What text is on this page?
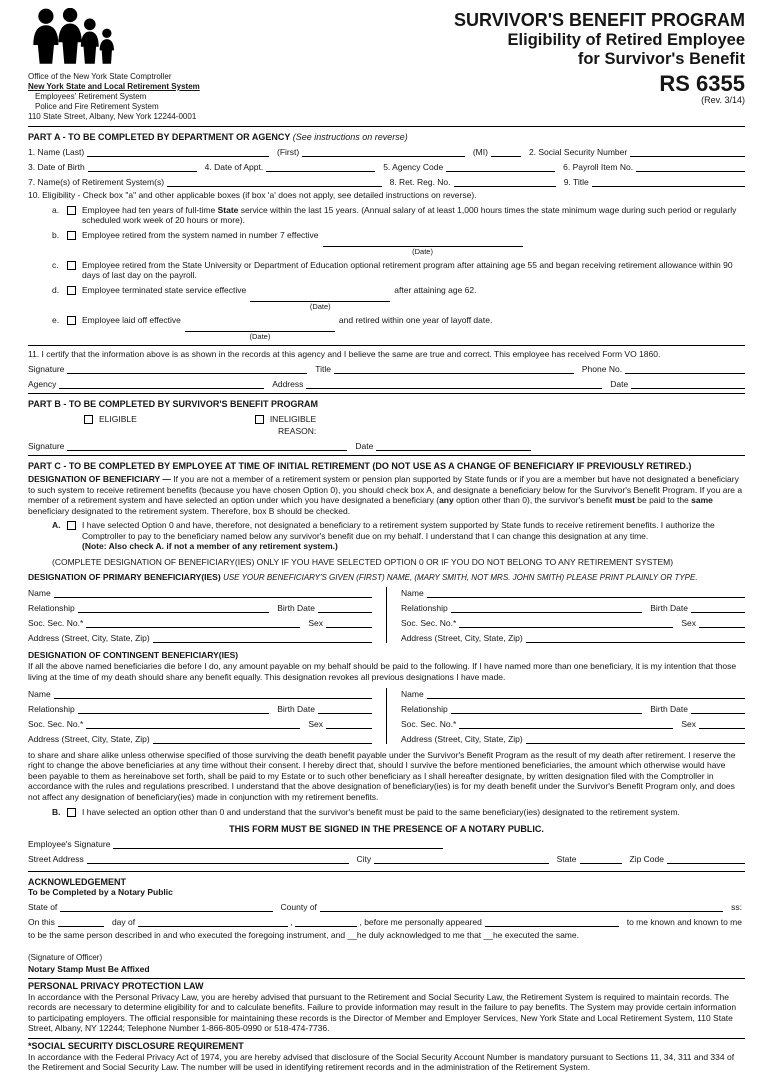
Office of the New York State Comptroller
New York State and Local Retirement System
Employees' Retirement System
Police and Fire Retirement System
110 State Street, Albany, New York 12244-0001
SURVIVOR'S BENEFIT PROGRAM
Eligibility of Retired Employee
for Survivor's Benefit
RS 6355
(Rev. 3/14)
PART A - TO BE COMPLETED BY DEPARTMENT OR AGENCY (See instructions on reverse)
1. Name (Last)	(First)	(MI)	2. Social Security Number
3. Date of Birth	4. Date of Appt.	5. Agency Code	6. Payroll Item No.
7. Name(s) of Retirement System(s)	8. Ret. Reg. No.	9. Title

10. Eligibility - Check box "a" and other applicable boxes (if box 'a' does not apply, see detailed instructions on reverse).

a.	Employee had ten years of full-time State service within the last 15 years. (Annual salary of at least 1,000 hours times the state minimum wage during such period or regularly scheduled work week of 20 hours or more).
b.	Employee retired from the system named in number 7 effective
(Date)
c.	Employee retired from the State University or Department of Education optional retirement program after attaining age 55 and began receiving retirement allowance within 90 days of last day on the payroll.
d.	Employee terminated state service effective
(Date)
after attaining age 62.
e.	Employee laid off effective
(Date)
and retired within one year of layoff date.

11. I certify that the information above is as shown in the records at this agency and I believe the same are true and correct. This employee has received Form VO 1860.

Signature	Title	Phone No.
Agency	Address	Date
PART B - TO BE COMPLETED BY SURVIVOR'S BENEFIT PROGRAM
ELIGIBLE	INELIGIBLE
REASON:
Signature	Date
PART C - TO BE COMPLETED BY EMPLOYEE AT TIME OF INITIAL RETIREMENT (DO NOT USE AS A CHANGE OF BENEFICIARY IF PREVIOUSLY RETIRED.)

DESIGNATION OF BENEFICIARY — If you are not a member of a retirement system or pension plan supported by State funds or if you are a member but have not designated a beneficiary to such system to receive retirement benefits (because you have chosen Option 0), you should check box A, and designate a beneficiary below for the Survivor's Benefit Program. If you are a member of a retirement system and have selected an option under which you have designated a beneficiary (any option other than 0), the survivor's benefit must be paid to the same beneficiary designated to the retirement system. Therefore, box B should be checked.

A.	I have selected Option 0 and have, therefore, not designated a beneficiary to a retirement system supported by State funds to receive retirement benefits. I authorize the Comptroller to pay to the beneficiary named below any survivor's benefit due on my behalf. I understand that I can change this designation at any time.
(Note: Also check A. if not a member of any retirement system.)

(COMPLETE DESIGNATION OF BENEFICIARY(IES) ONLY IF YOU HAVE SELECTED OPTION 0 OR IF YOU DO NOT BELONG TO ANY RETIREMENT SYSTEM)

DESIGNATION OF PRIMARY BENEFICIARY(IES) USE YOUR BENEFICIARY'S GIVEN (FIRST) NAME, (MARY SMITH, NOT MRS. JOHN SMITH) PLEASE PRINT PLAINLY OR TYPE.
Name
Relationship	Birth Date
Soc. Sec. No.*	Sex
Address (Street, City, State, Zip)
Name
Relationship	Birth Date
Soc. Sec. No.*	Sex
Address (Street, City, State, Zip)
DESIGNATION OF CONTINGENT BENEFICIARY(IES)

If all the above named beneficiaries die before I do, any amount payable on my behalf should be paid to the following. If I have named more than one beneficiary, it is my intention that those living at the time of my death should share any benefit equally. This designation revokes all previous designations I have made.

Name
Relationship	Birth Date
Soc. Sec. No.*	Sex
Address (Street, City, State, Zip)
Name
Relationship	Birth Date
Soc. Sec. No.*	Sex
Address (Street, City, State, Zip)

to share and share alike unless otherwise specified of those surviving the death benefit payable under the Survivor's Benefit Program as the result of my death after retirement. I reserve the right to change the above beneficiaries at any time without their consent. I hereby direct that, should I survive the before mentioned beneficiaries, the amount which otherwise would have been payable to them as hereinabove set forth, shall be paid to my Estate or to such other beneficiary as I shall hereafter designate, by written designation filed with the Comptroller in accordance with the rules and regulations prescribed. I understand that the above designation of beneficiary(ies) is for my death benefit under the Survivor's Benefit Program only, and does not affect any designation of beneficiary(ies) made in conjunction with my retirement benefits.

B.	I have selected an option other than 0 and understand that the survivor's benefit must be paid to the same beneficiary(ies) designated to the retirement system.
THIS FORM MUST BE SIGNED IN THE PRESENCE OF A NOTARY PUBLIC.
Employee's Signature
Street Address	City	State	Zip Code
ACKNOWLEDGEMENT
To be Completed by a Notary Public
State of	County of	ss:
On this	day of	,	, before me personally appeared	to me known and known to me

to be the same person described in and who executed the foregoing instrument, and __he duly acknowledged to me that __he executed the same.

(Signature of Officer)
Notary Stamp Must Be Affixed
PERSONAL PRIVACY PROTECTION LAW

In accordance with the Personal Privacy Law, you are hereby advised that pursuant to the Retirement and Social Security Law, the Retirement System is required to maintain records. The records are necessary to determine eligibility for and to calculate benefits. Failure to provide information may result in the failure to pay benefits. The System may provide certain information to participating employers. The official responsible for maintaining these records is the Director of Member and Employer Services, New York State and Local Retirement System, 110 State Street, Albany, NY 12244; Telephone Number 1-866-805-0990 or 518-474-7736.

*SOCIAL SECURITY DISCLOSURE REQUIREMENT

In accordance with the Federal Privacy Act of 1974, you are hereby advised that disclosure of the Social Security Account Number is mandatory pursuant to Sections 11, 34, 311 and 334 of the Retirement and Social Security Law. The number will be used in identifying retirement records and in the administration of the Retirement System.
